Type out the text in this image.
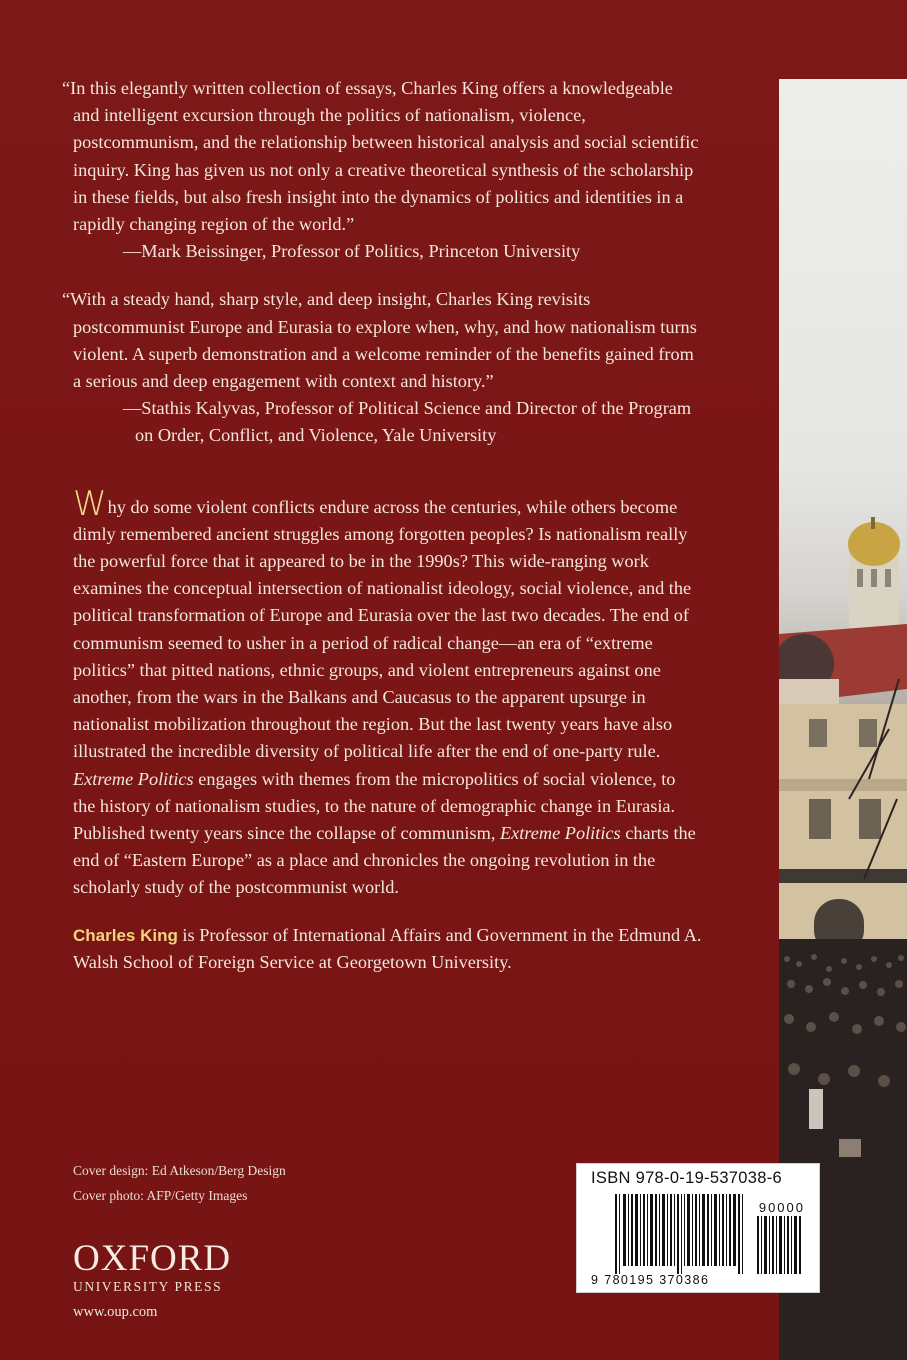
“In this elegantly written collection of essays, Charles King offers a knowledgeable and intelligent excursion through the politics of nationalism, violence, postcommunism, and the relationship between historical analysis and social scientific inquiry. King has given us not only a creative theoretical synthesis of the scholarship in these fields, but also fresh insight into the dynamics of politics and identities in a rapidly changing region of the world.”

—Mark Beissinger, Professor of Politics, Princeton University

“With a steady hand, sharp style, and deep insight, Charles King revisits postcommunist Europe and Eurasia to explore when, why, and how nationalism turns violent. A superb demonstration and a welcome reminder of the benefits gained from a serious and deep engagement with context and history.”

—Stathis Kalyvas, Professor of Political Science and Director of the Program on Order, Conflict, and Violence, Yale University

Why do some violent conflicts endure across the centuries, while others become dimly remembered ancient struggles among forgotten peoples? Is nationalism really the powerful force that it appeared to be in the 1990s? This wide-ranging work examines the conceptual intersection of nationalist ideology, social violence, and the political transformation of Europe and Eurasia over the last two decades. The end of communism seemed to usher in a period of radical change—an era of “extreme politics” that pitted nations, ethnic groups, and violent entrepreneurs against one another, from the wars in the Balkans and Caucasus to the apparent upsurge in nationalist mobilization throughout the region. But the last twenty years have also illustrated the incredible diversity of political life after the end of one-party rule. Extreme Politics engages with themes from the micropolitics of social violence, to the history of nationalism studies, to the nature of demographic change in Eurasia. Published twenty years since the collapse of communism, Extreme Politics charts the end of “Eastern Europe” as a place and chronicles the ongoing revolution in the scholarly study of the postcommunist world.
Charles King is Professor of International Affairs and Government in the Edmund A. Walsh School of Foreign Service at Georgetown University.
Cover design: Ed Atkeson/Berg Design
Cover photo: AFP/Getty Images
OXFORD
UNIVERSITY PRESS
www.oup.com
ISBN 978-0-19-537038-6
90000
9 780195 370386
